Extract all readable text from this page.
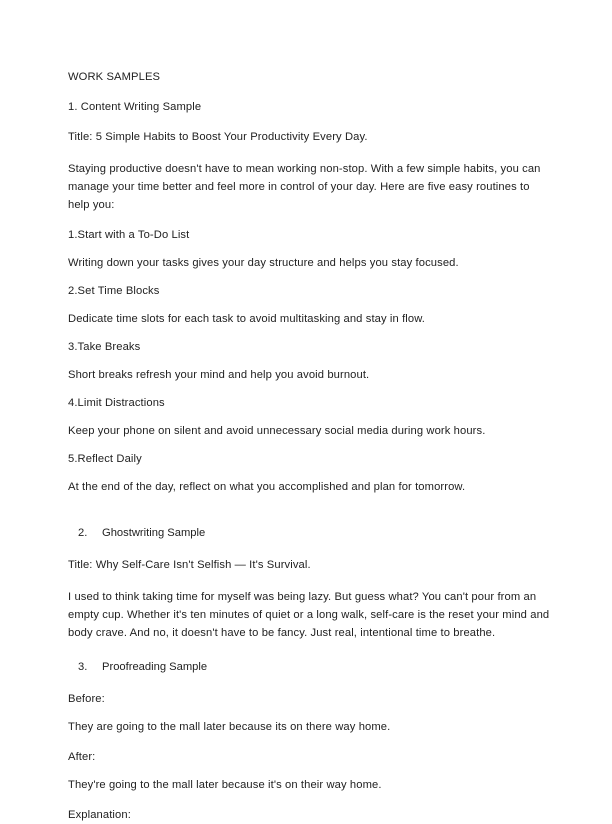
WORK SAMPLES

1. Content Writing Sample

Title: 5 Simple Habits to Boost Your Productivity Every Day.

Staying productive doesn't have to mean working non-stop. With a few simple habits, you can manage your time better and feel more in control of your day. Here are five easy routines to help you:

1.Start with a To-Do List

Writing down your tasks gives your day structure and helps you stay focused.

2.Set Time Blocks

Dedicate time slots for each task to avoid multitasking and stay in flow.

3.Take Breaks

Short breaks refresh your mind and help you avoid burnout.

4.Limit Distractions

Keep your phone on silent and avoid unnecessary social media during work hours.

5.Reflect Daily

At the end of the day, reflect on what you accomplished and plan for tomorrow.

2.	Ghostwriting Sample

Title: Why Self-Care Isn't Selfish — It's Survival.

I used to think taking time for myself was being lazy. But guess what? You can't pour from an empty cup. Whether it's ten minutes of quiet or a long walk, self-care is the reset your mind and body crave. And no, it doesn't have to be fancy. Just real, intentional time to breathe.

3.	Proofreading Sample

Before:

They are going to the mall later because its on there way home.

After:

They're going to the mall later because it's on their way home.

Explanation:
